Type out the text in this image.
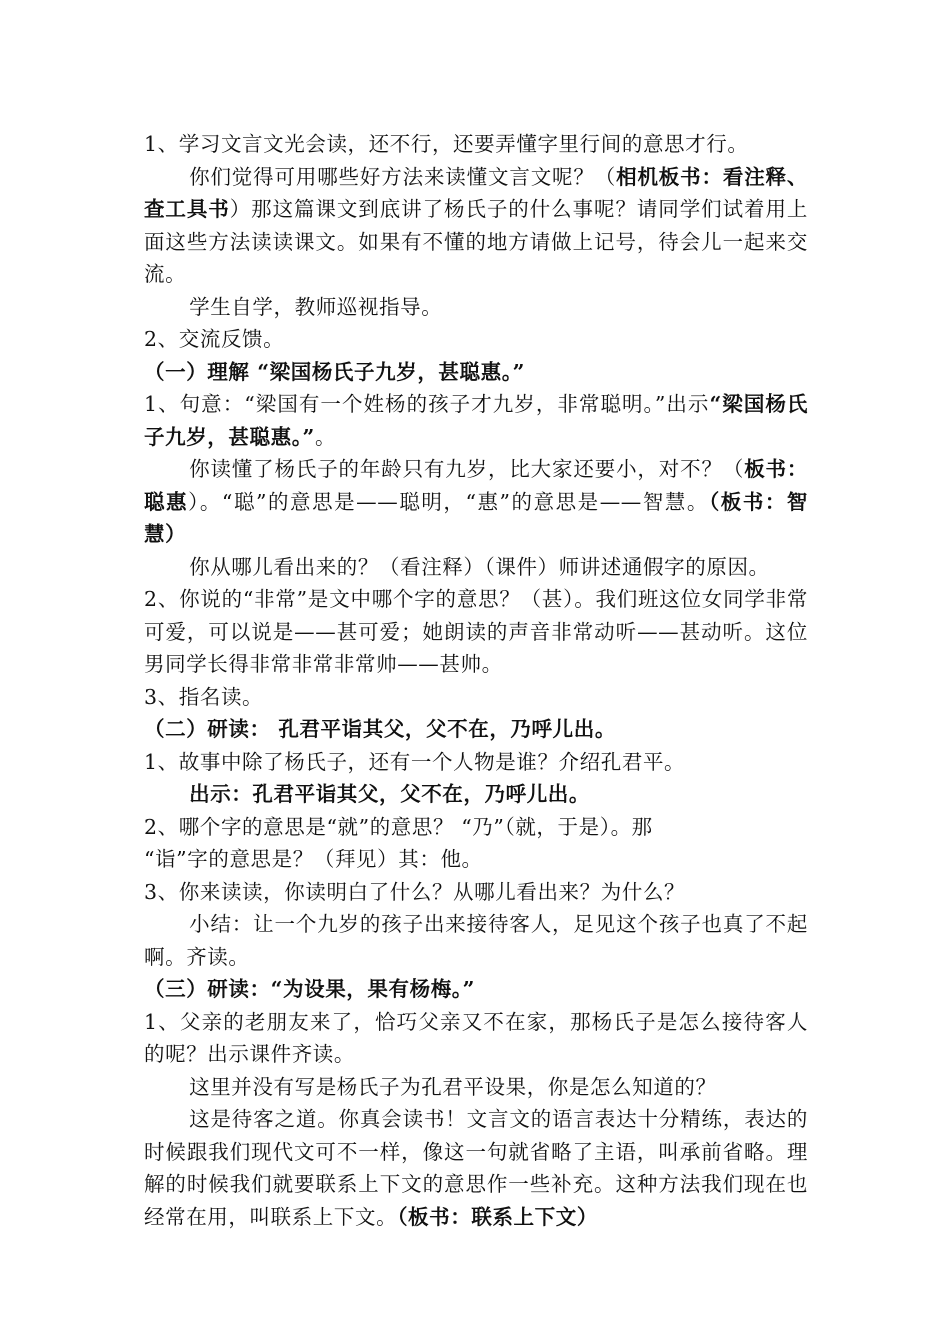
1、学习文言文光会读，还不行，还要弄懂字里行间的意思才行。

你们觉得可用哪些好方法来读懂文言文呢？（相机板书：看注释、查工具书）那这篇课文到底讲了杨氏子的什么事呢？请同学们试着用上面这些方法读读课文。如果有不懂的地方请做上记号，待会儿一起来交流。

学生自学，教师巡视指导。

2、交流反馈。

（一）理解 “梁国杨氏子九岁，甚聪惠。”

1、句意：“梁国有一个姓杨的孩子才九岁，非常聪明。”出示“梁国杨氏子九岁，甚聪惠。”。

你读懂了杨氏子的年龄只有九岁，比大家还要小，对不？（板书：聪惠）。“聪”的意思是——聪明，“惠”的意思是——智慧。（板书：智慧）

你从哪儿看出来的？（看注释）（课件）师讲述通假字的原因。

2、你说的“非常”是文中哪个字的意思？（甚）。我们班这位女同学非常可爱，可以说是——甚可爱；她朗读的声音非常动听——甚动听。这位男同学长得非常非常非常帅——甚帅。

3、指名读。

（二）研读： 孔君平诣其父，父不在，乃呼儿出。

1、故事中除了杨氏子，还有一个人物是谁？介绍孔君平。

出示：孔君平诣其父，父不在，乃呼儿出。

2、哪个字的意思是“就”的意思？ “乃”（就，于是）。那

“诣”字的意思是？（拜见）其：他。

3、你来读读，你读明白了什么？从哪儿看出来？为什么？

小结：让一个九岁的孩子出来接待客人，足见这个孩子也真了不起啊。齐读。

（三）研读：“为设果，果有杨梅。”

1、父亲的老朋友来了，恰巧父亲又不在家，那杨氏子是怎么接待客人的呢？出示课件齐读。

这里并没有写是杨氏子为孔君平设果，你是怎么知道的？

这是待客之道。你真会读书！文言文的语言表达十分精练，表达的时候跟我们现代文可不一样，像这一句就省略了主语，叫承前省略。理解的时候我们就要联系上下文的意思作一些补充。这种方法我们现在也经常在用，叫联系上下文。（板书：联系上下文）
